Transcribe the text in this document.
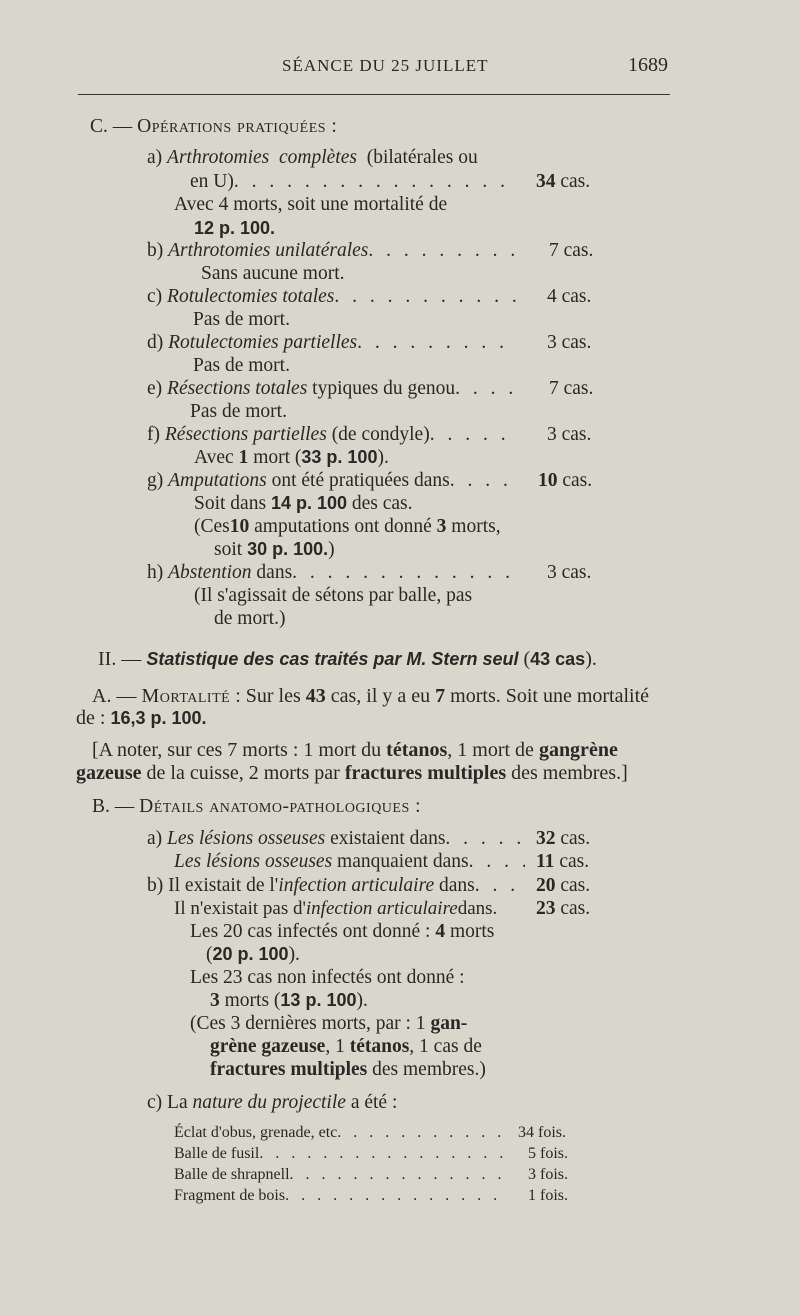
SÉANCE DU 25 JUILLET	1689
C. — Opérations pratiquées :
a) Arthrotomies complètes (bilatérales ou
en U) . . .	34 cas.
Avec 4 morts, soit une mortalité de
12 p. 100.
b)
Arthrotomies unilatérales . . .	7 cas.
Sans aucune mort.
c)
Rotulectomies totales . . .	4 cas.
Pas de mort.
d)
Rotulectomies partielles . . .	3 cas.
Pas de mort.
e)
Résections totales
typiques du genou . . .	7 cas.
Pas de mort.
f)
Résections partielles
(de condyle) . . .	3 cas.
Avec 1 mort (33 p. 100).
g)
Amputations
ont été pratiquées dans . . .	10 cas.
Soit dans 14 p. 100 des cas.
(Ces10 amputations ont donné 3 morts,
soit 30 p. 100.)
h)
Abstention
dans . . .	3 cas.
(Il s'agissait de sétons par balle, pas
de mort.)
II. — Statistique des cas traités par M. Stern seul (43 cas).
A. — Mortalité : Sur les 43 cas, il y a eu 7 morts. Soit une mortalité
de : 16,3 p. 100.
[A noter, sur ces 7 morts : 1 mort du tétanos, 1 mort de gangrène
gazeuse de la cuisse, 2 morts par fractures multiples des membres.]
B. — Détails anatomo-pathologiques :
a)
Les lésions osseuses
existaient dans . . .	32 cas.
Les lésions osseuses
manquaient dans . . .	11 cas.
b)
Il existait de l' infection articulaire
dans . . .	20 cas.
Il n'existait pas d'infection articulairedans. 23 cas.
Les 20 cas infectés ont donné : 4 morts
(20 p. 100).
Les 23 cas non infectés ont donné :
3 morts (13 p. 100).
(Ces 3 dernières morts, par : 1 gan-
grène gazeuse, 1 tétanos, 1 cas de
fractures multiples des membres.)
c) La nature du projectile a été :
Éclat d'obus, grenade, etc . . .	34 fois.
Balle de fusil . . .	5 fois.
Balle de shrapnell . . .	3 fois.
Fragment de bois . . .	1 fois.
